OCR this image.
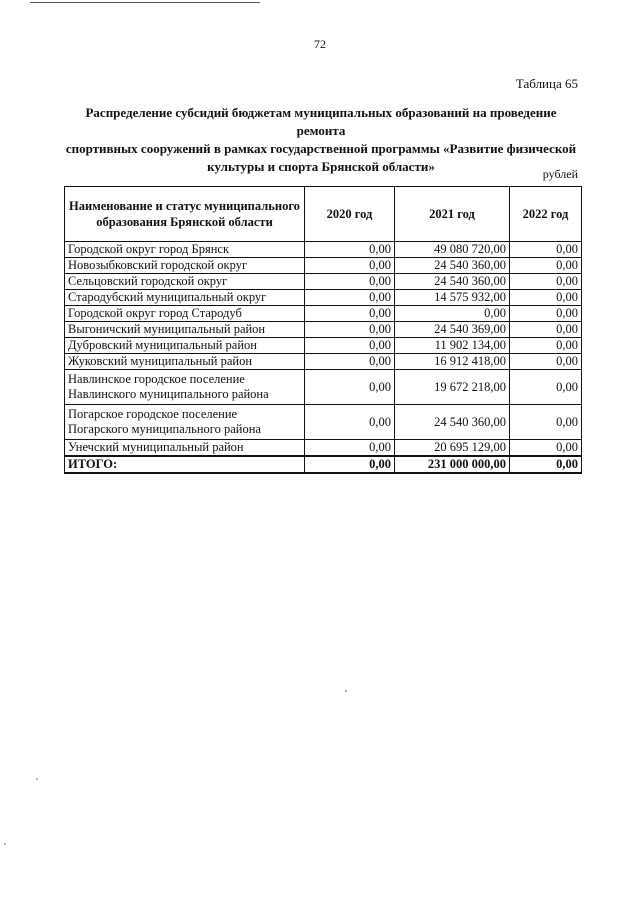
72
Таблица 65
Распределение субсидий бюджетам муниципальных образований на проведение ремонта
спортивных сооружений в рамках государственной программы «Развитие физической
культуры и спорта Брянской области»	рублей
Наименование и статус муниципального образования Брянской области	2020 год	2021 год	2022 год
Городской округ город Брянск	0,00	49 080 720,00	0,00
Новозыбковский городской округ	0,00	24 540 360,00	0,00
Сельцовский городской округ	0,00	24 540 360,00	0,00
Стародубский муниципальный округ	0,00	14 575 932,00	0,00
Городской округ город Стародуб	0,00	0,00	0,00
Выгоничский муниципальный район	0,00	24 540 369,00	0,00
Дубровский муниципальный район	0,00	11 902 134,00	0,00
Жуковский муниципальный район	0,00	16 912 418,00	0,00

Навлинское городское поселение
Навлинского муниципального района	0,00	19 672 218,00	0,00

Погарское городское поселение
Погарского муниципального района	0,00	24 540 360,00	0,00
Унечский муниципальный район	0,00	20 695 129,00	0,00
ИТОГО:	0,00	231 000 000,00	0,00
